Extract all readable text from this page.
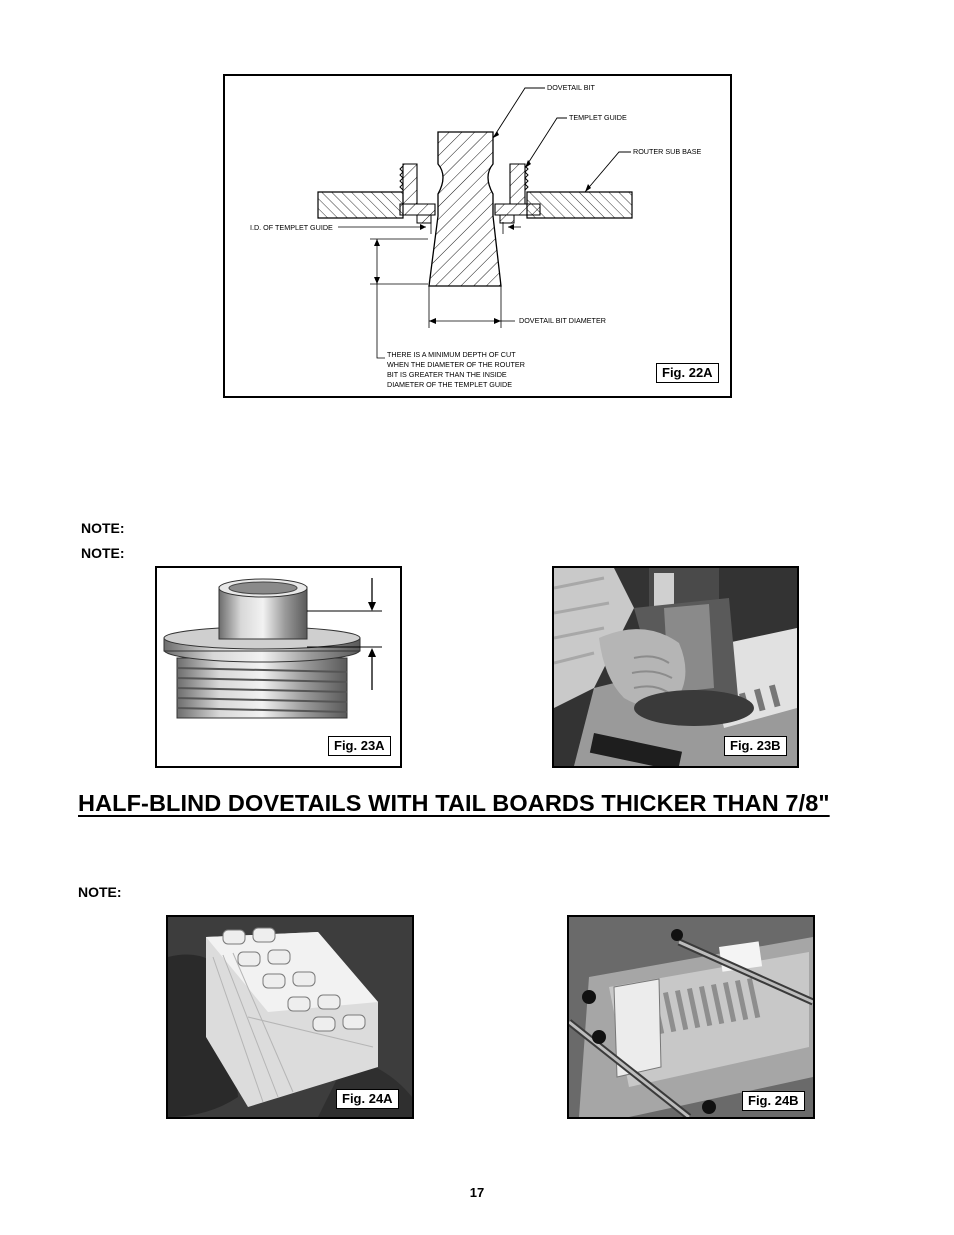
DOVETAIL BIT
TEMPLET GUIDE
ROUTER SUB BASE
I.D. OF TEMPLET GUIDE
DOVETAIL BIT DIAMETER
THERE IS A MINIMUM DEPTH OF CUT
WHEN THE DIAMETER OF THE ROUTER
BIT IS GREATER THAN THE INSIDE
DIAMETER OF THE TEMPLET GUIDE
Fig. 22A
NOTE:
NOTE:
Fig. 23A	Fig. 23B
HALF-BLIND DOVETAILS WITH TAIL BOARDS THICKER THAN 7/8"
NOTE:
Fig. 24A	Fig. 24B
17
